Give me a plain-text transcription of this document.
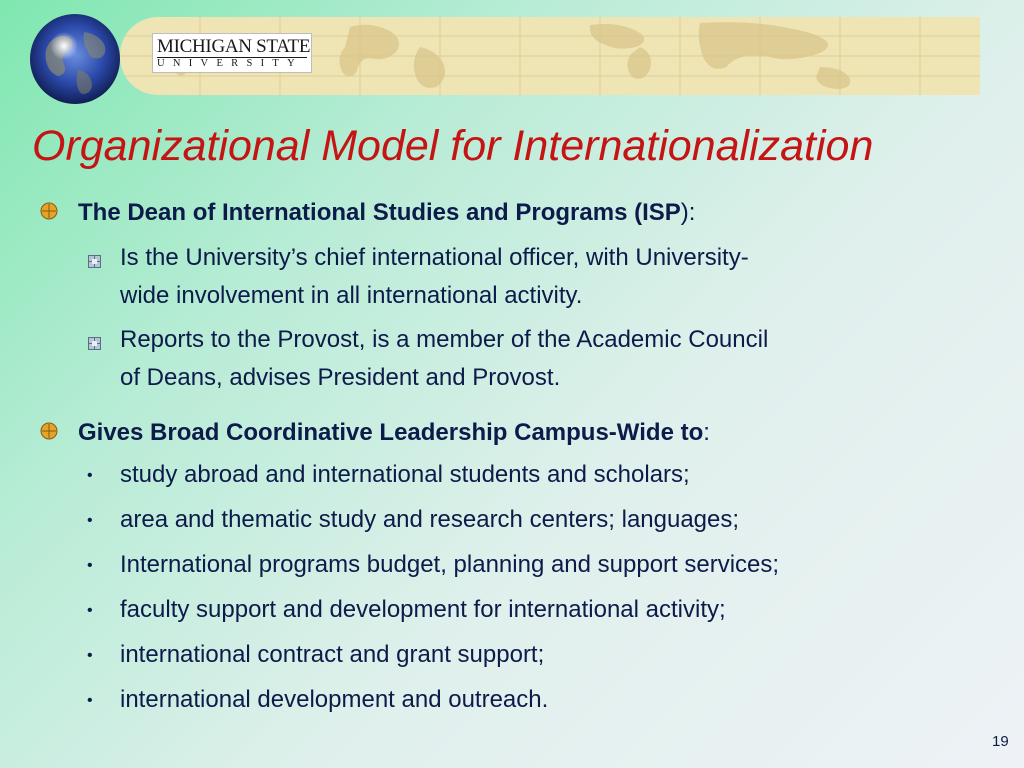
MICHIGAN STATE
UNIVERSITY
Organizational Model for Internationalization
The Dean of International Studies and Programs (ISP):
Is the University’s chief international officer, with University-
wide involvement in all international activity.
Reports to the Provost, is a member of the Academic Council
of Deans, advises President and Provost.
Gives Broad Coordinative Leadership Campus-Wide to:
• study abroad and international students and scholars;
• area and thematic study and research centers; languages;
• International programs budget, planning and support services;
• faculty support and development for international activity;
• international contract and grant support;
• international development and outreach.
19
